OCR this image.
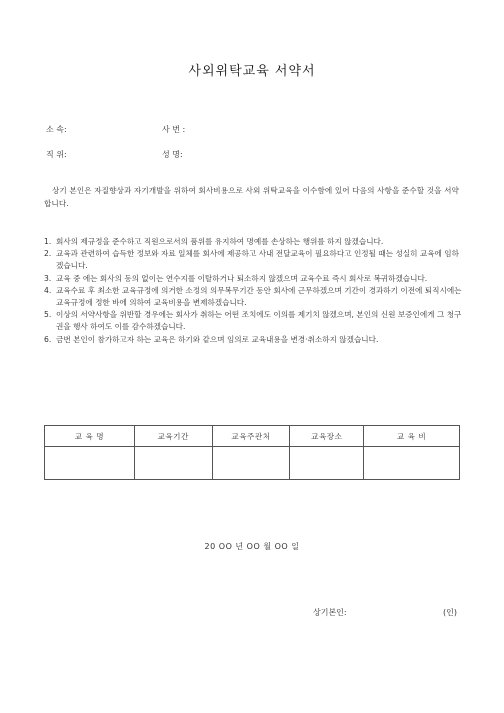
사외위탁교육 서약서
소 속:	사 번 :
직 위:	성 명:
상기 본인은 자질향상과 자기개발을 위하여 회사비용으로 사외 위탁교육을 이수함에 있어 다음의 사항을 준수할 것을 서약합니다.
1. 회사의 제규정을 준수하고 직원으로서의 품위를 유지하여 명예를 손상하는 행위를 하지 않겠습니다.
2. 교육과 관련하여 습득한 정보와 자료 일체를 회사에 제공하고 사내 전달교육이 필요하다고 인정될 때는 성실히 교육에 임하겠습니다.
3. 교육 중 에는 회사의 동의 없이는 연수지를 이탈하거나 퇴소하지 않겠으며 교육수료 즉시 회사로 복귀하겠습니다.
4. 교육수료 후 최소한 교육규정에 의거한 소정의 의무복무기간 동안 회사에 근무하겠으며 기간이 경과하기 이전에 퇴직시에는 교육규정에 정한 바에 의하여 교육비용을 변제하겠습니다.
5. 이상의 서약사항을 위반할 경우에는 회사가 취하는 어떤 조치에도 이의를 제기치 않겠으며, 본인의 신원 보증인에게 그 청구권을 행사 하여도 이를 감수하겠습니다.
6. 금번 본인이 참가하고자 하는 교육은 하기와 같으며 임의로 교육내용을 변경·취소하지 않겠습니다.
교 육 명	교육기간	교육주관처	교육장소	교 육 비

20 OO 년 OO 월 OO 일
상기본인:	(인)
